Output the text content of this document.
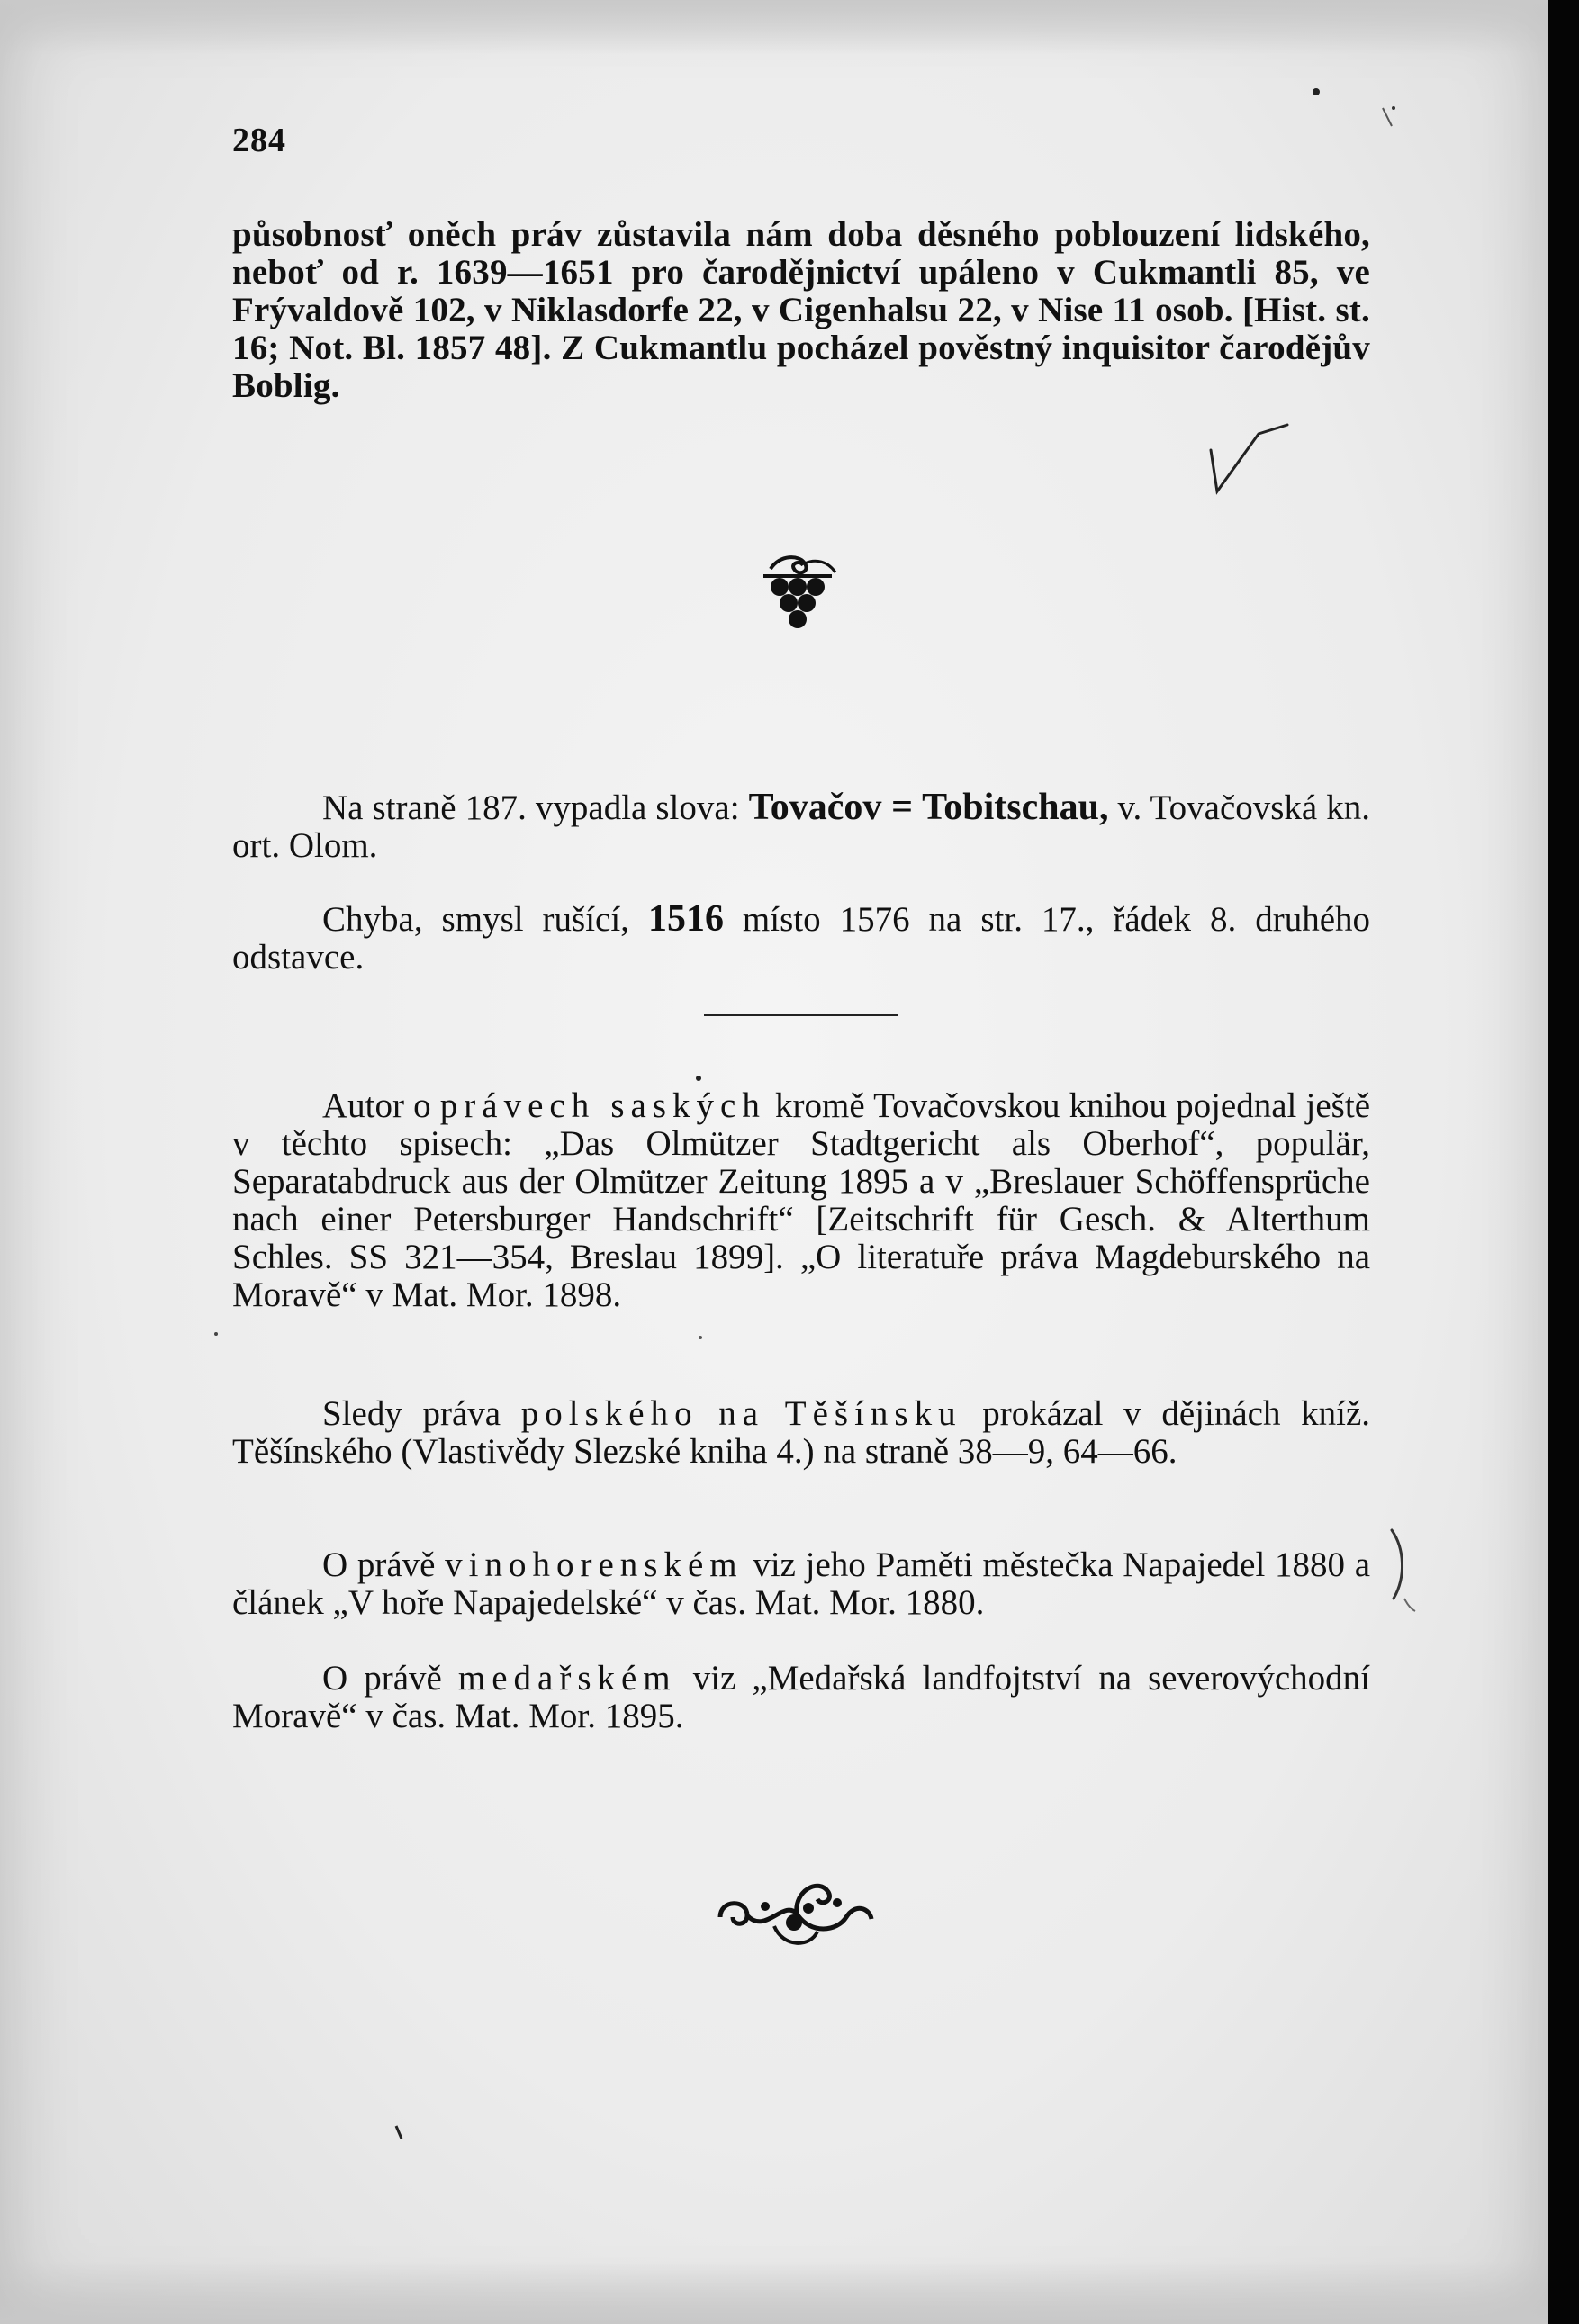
284

působnosť oněch práv zůstavila nám doba děsného poblouzení lidského, neboť od r. 1639—1651 pro čarodějnictví upáleno v Cukmantli 85, ve Frývaldově 102, v Niklasdorfe 22, v Cigenhalsu 22, v Nise 11 osob. [Hist. st. 16; Not. Bl. 1857 48]. Z Cukmantlu pocházel pověstný inquisitor čarodějův Boblig.

Na straně 187. vypadla slova: Tovačov = Tobitschau, v. Tovačovská kn. ort. Olom.

Chyba, smysl rušící, 1516 místo 1576 na str. 17., řádek 8. druhého odstavce.

Autor o právech saských kromě Tovačovskou knihou pojednal ještě v těchto spisech: „Das Olmützer Stadtgericht als Oberhof“, populär, Separatabdruck aus der Olmützer Zeitung 1895 a v „Breslauer Schöffensprüche nach einer Petersburger Handschrift“ [Zeitschrift für Gesch. & Alterthum Schles. SS 321—354, Breslau 1899]. „O literatuře práva Magdeburského na Moravě“ v Mat. Mor. 1898.

Sledy práva polského na Těšínsku prokázal v dějinách kníž. Těšínského (Vlastivědy Slezské kniha 4.) na straně 38—9, 64—66.

O právě vinohorenském viz jeho Paměti městečka Napajedel 1880 a článek „V hoře Napajedelské“ v čas. Mat. Mor. 1880.

O právě medařském viz „Medařská landfojtství na severovýchodní Moravě“ v čas. Mat. Mor. 1895.
